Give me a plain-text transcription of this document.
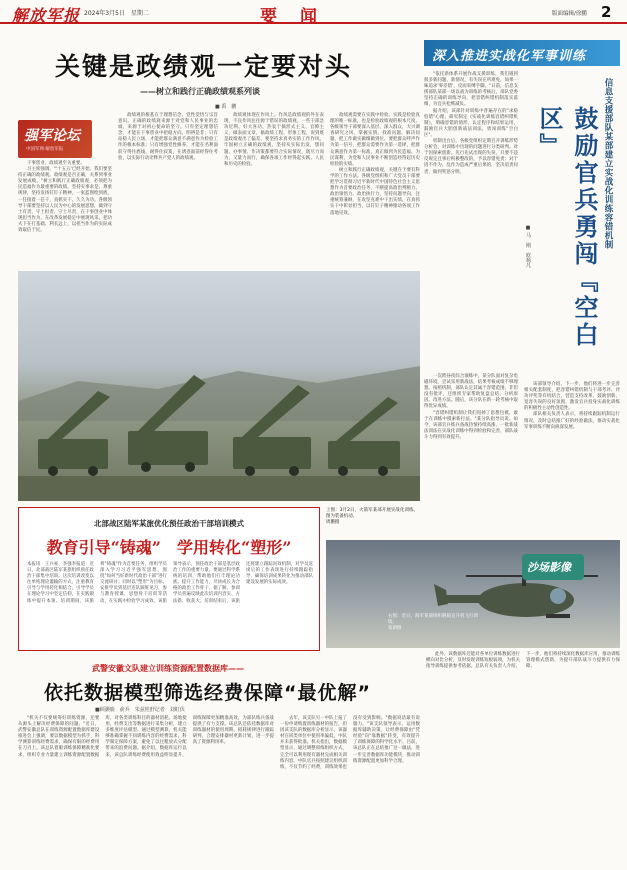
解放军报 2024年3月5日　星期二	要　闻	版面编辑/徐鹏 2
关键是政绩观一定要对头
——树立和践行正确政绩观系列谈
■ 禹　鹏
强军论坛
中国军网·解放军报

干事创业，政绩观至关重要。

习主席强调，"'十五五'已经开始，我们要坚持正确的政绩观。政绩观是否正确，关系到事业发展成败。"树立和践行正确政绩观，必须把为民造福作为最重要的政绩，坚持实事求是、尊重规律，坚持发扬钉钉子精神，一张蓝图绘到底，一任接着一任干，真抓实干，久久为功。各级领导干部要坚持以人民为中心的发展思想，做到守土有责、守土担责、守土尽责，在干事创业中体现担当作为，在改革发展稳定中展现风采，把功夫下在打基础、利长远上，以担当作为的实际成效取信于民。

政绩观的根基在于理想信念、党性觉悟与宗旨意识。正确的政绩观来源于对党和人民事业的忠诚，来源于对初心使命的坚守。只有坚定理想信念，才能在干事创业中把稳方向、明辨是非；只有站稳人民立场，才能把群众满意不满意作为检验工作的根本标准；只有增强党性修养，才能在名利面前守得住底线、耐得住寂寞，在诱惑面前经得住考验，以实际行动诠释共产党人的政绩观。

政绩观体现在作风上。作风是政绩观的外在表现，不良作风往往源于错误的政绩观。一些干部急功近利、好大喜功，热衷于搞形式主义、官僚主义，做表面文章，搞政绩工程、形象工程，说到底是政绩观出了偏差。要坚持求真务实的工作作风，牢固树立正确的政绩观，坚持从实际出发，想问题、办事情、作决策都要符合实际情况，既尽力而为，又量力而行，确保各项工作经得起实践、人民和历史的检验。

政绩观需要在实践中检验。实践是检验真理的唯一标准，也是检验政绩观的根本尺度。各级领导干部要深入基层、深入群众，大兴调查研究之风，掌握实情、找准问题、解决问题，把工作做实做细做到位。要把群众呼声作为第一信号，把群众需要作为第一选择，把群众满意作为第一标准，真正做到为民造福、为民谋利，为党和人民事业不断创造经得起历史检验的实绩。

树立和践行正确政绩观，关键在于要有科学的工作方法。各级党组织和广大党员干部要把学习贯彻习近平新时代中国特色社会主义思想作为首要政治任务，不断提高政治判断力、政治领悟力、政治执行力，坚持问题导向，注重统筹兼顾，在攻坚克难中干出实绩、在真抓实干中彰显担当，以钉钉子精神推动各项工作落地见效。

深入推进实战化军事训练

"依托新体系开展作战支援训练，我们遇到很多新问题、新情况，有失误在所难免，如果一味追求'零差错'，反而束缚手脚。"日前，信息支援部队某部一场以战为训练的考核后，部队党委坚持正确的训练导向，把容错纠错机制落实落细，为官兵松绑减负。

据介绍，该部针对训练中普遍存在的"求稳怕错"心理，研究制定《实战化训练容错纠错机制》，明确容错的情形、认定程序和结果运用，鼓励官兵大胆创新战法训法，勇闯训练"空白区"。

机制出台后，各级党组织定期召开训练形势分析会，对训练中出现的问题进行分类研判。对于因探索创新、先行先试出现的失误，只要不违反规定且事后积极整改的，予以容错免责；对于因不作为、乱作为造成严重后果的，坚决追责问责，做到奖惩分明。	信息支援部队某部建立实战化训练容错机制
鼓励官兵勇闯『空白区』
■ 马　刚　欧杨凡

一次跨昼夜综合演练中，某分队面对复杂电磁环境，尝试采用新战法，结果考核成绩不够理想。按照机制，部队认定其属于容错范围，非但没有批评，还组织专家帮助复盘总结，分析原因、改进方法。随后，该分队在新一轮考核中取得优异成绩。

"容错纠错机制让我们甩掉了思想包袱，敢于在训练中摸索新打法。"某分队指导员说。如今，该部官兵练兵备战热情持续高涨，一批新战法训法在实战化训练中得到检验和完善，部队战斗力得到有效提升。

该部领导介绍，下一步，他们将进一步完善相关配套制度，把容错纠错机制与干部考评、评功评奖等有机结合，营造支持改革、鼓励创新、宽容失误的良好氛围，激发官兵投身实战化训练的积极性主动性创造性。

部队相关负责人表示，将持续跟踪机制运行情况，及时总结推广好的经验做法，推动实战化军事训练不断向纵深发展。

北部战区陆军某旅优化预任政治干部培训模式
教育引导“铸魂”　学用转化“塑形”
本报讯　王兵豪、李强李报道：近日，北部战区陆军某旅组织预任政治干部集中培训。这次培训改变以往单纯理论灌输的方式，注重教育引导与学用转化相结合，引导学员在理论学习中坚定信仰，在实践锻炼中提升本领。培训期间，该旅将"铸魂"作为首要任务，组织学员深入学习习近平强军思想，围绕"如何当好新时代政治干部"进行交流研讨；同时以"塑形"为目标，安排学员到基层连队跟班见习，参与教育授课、思想骨干培训等活动，在实践中检验学习成效。该旅领导表示，预任政治干部是基层政治工作的重要力量，要通过科学系统的培训，帮助他们打牢理论功底、提升工作能力，尽快成长为合格的政治工作骨干。据了解，参训学员普遍反映此次培训内容实、方法新、收获大。培训结束后，该旅还将建立跟踪问效机制，对学员返岗后的工作表现进行持续跟踪指导，确保培训成果转化为推动部队建设发展的实际成效。
上图：3月2日，火箭军某部开展实战化训练。图为装备机动。
周鹏摄
沙场影像
右图：近日，海军某部组织舰载直升机飞行训练。
张朝摄
武警安徽文队建立训练资源配置数据库——
依托数据模型筛选经费保障“最优解”
■顾灏鹿　俞兵　朱兹桂舒记者　刘虹伏
"机关不仅要统筹好训练资源，还要从源头上解决经费保障的问题。"近日，武警安徽总队在训练资源配置数据库建设推进会上强调，要以数据模型为抓手，科学测算训练经费需求，确保有限的经费用在刀刃上。该总队着眼训练保障精准化要求，组织专业力量建立训练资源配置数据库，对各类训练科目的器材消耗、场地使用、经费支出等数据进行采集分析，建立多维度评估模型。通过模型测算，机关能够准确掌握不同训练内容的经费需求，科学制定保障方案，避免了以往粗放式分配带来的浪费问题。据介绍，数据库运行以来，该总队训练经费使用效益明显提升，训练保障更加精准高效，为部队练兵备战提供了有力支撑。该总队还依托数据库对训练器材的使用周期、损耗规律进行跟踪研判，合理安排器材更新计划，进一步提高了资源利用率。
去年，该支队另一中队上报了一份申请购置训练器材的报告，但因该支队的数据库分析显示，该器材在同类单位中使用率偏低，中队并未获得批准。机关指出，数据模型显示，通过调整训练组织方式，完全可以利用现有器材完成相关训练内容。中队官兵按照建议组织训练，不仅节约了经费，训练效果也没有受到影响。"数据说话最有说服力。"该支队领导表示，运用数据库辅助决策，让经费保障由"凭经验"向"靠数据"转变，有效提升了训练保障的科学化水平。目前，该总队正在总结推广这一做法，进一步完善数据库功能模块，推动训练资源配置更加科学合理。
此外，该数据库还能对各单位训练数据进行横向对比分析，及时发现训练短板弱项，为机关指导训练提供参考依据。总队有关负责人介绍，下一步，他们将持续深化数据库应用，推动训练管理模式创新，为提升部队战斗力提供有力保障。
